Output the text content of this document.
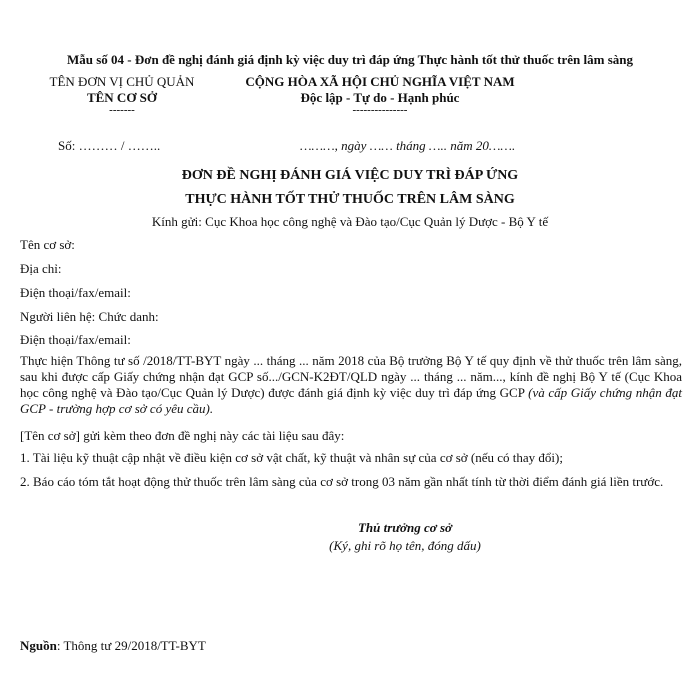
Mẫu số 04 - Đơn đề nghị đánh giá định kỳ việc duy trì đáp ứng Thực hành tốt thử thuốc trên lâm sàng
TÊN ĐƠN VỊ CHỦ QUẢN
TÊN CƠ SỞ
-------
CỘNG HÒA XÃ HỘI CHỦ NGHĨA VIỆT NAM
Độc lập - Tự do - Hạnh phúc
---------------
Số: ……… / ……..	………, ngày …… tháng ….. năm 20…….
ĐƠN ĐỀ NGHỊ ĐÁNH GIÁ VIỆC DUY TRÌ ĐÁP ỨNG
THỰC HÀNH TỐT THỬ THUỐC TRÊN LÂM SÀNG
Kính gửi: Cục Khoa học công nghệ và Đào tạo/Cục Quản lý Dược - Bộ Y tế
Tên cơ sở:
Địa chỉ:
Điện thoại/fax/email:
Người liên hệ: Chức danh:
Điện thoại/fax/email:
Thực hiện Thông tư số /2018/TT-BYT ngày ... tháng ... năm 2018 của Bộ trưởng Bộ Y tế quy định về thử thuốc trên lâm sàng, sau khi được cấp Giấy chứng nhận đạt GCP số.../GCN-K2ĐT/QLD ngày ... tháng ... năm..., kính đề nghị Bộ Y tế (Cục Khoa học công nghệ và Đào tạo/Cục Quản lý Dược) được đánh giá định kỳ việc duy trì đáp ứng GCP (và cấp Giấy chứng nhận đạt GCP - trường hợp cơ sở có yêu cầu).
[Tên cơ sở] gửi kèm theo đơn đề nghị này các tài liệu sau đây:
1. Tài liệu kỹ thuật cập nhật về điều kiện cơ sở vật chất, kỹ thuật và nhân sự của cơ sở (nếu có thay đổi);
2. Báo cáo tóm tắt hoạt động thử thuốc trên lâm sàng của cơ sở trong 03 năm gần nhất tính từ thời điểm đánh giá liền trước.
Thủ trưởng cơ sở
(Ký, ghi rõ họ tên, đóng dấu)
Nguồn: Thông tư 29/2018/TT-BYT
